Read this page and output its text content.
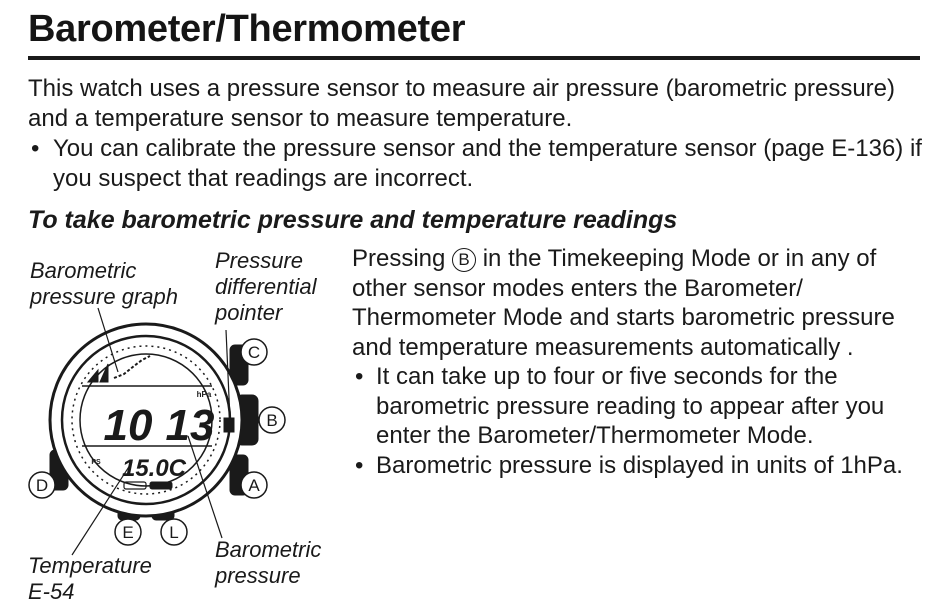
Barometer/Thermometer

This watch uses a pressure sensor to measure air pressure (barometric pressure) and a temperature sensor to measure temperature.

• You can calibrate the pressure sensor and the temperature sensor (page E-136) if you suspect that readings are incorrect.

To take barometric pressure and temperature readings
C
B
A
D
E L
hPa
10 13
15.0C
PS
Barometric
pressure graph
Pressure
differential
pointer
Temperature
E-54
Barometric
pressure

Pressing B in the Timekeeping Mode or in any of other sensor modes enters the Barometer/ Thermometer Mode and starts barometric pressure and temperature measurements automatically .

• It can take up to four or five seconds for the barometric pressure reading to appear after you enter the Barometer/Thermometer Mode.

• Barometric pressure is displayed in units of 1hPa.
